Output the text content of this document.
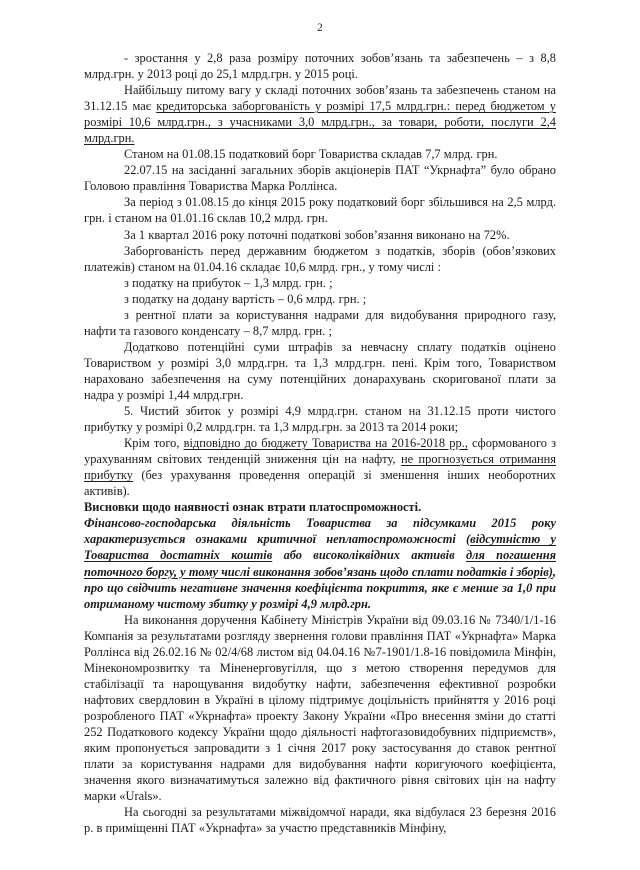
2

- зростання у 2,8 раза розміру поточних зобов’язань та забезпечень – з 8,8 млрд.грн. у 2013 році до 25,1 млрд.грн. у 2015 році.

Найбільшу питому вагу у складі поточних зобов’язань та забезпечень станом на 31.12.15 має кредиторська заборгованість у розмірі 17,5 млрд.грн.: перед бюджетом у розмірі 10,6 млрд.грн., з учасниками 3,0 млрд.грн., за товари, роботи, послуги 2,4 млрд.грн.

Станом на 01.08.15 податковий борг Товариства складав 7,7 млрд. грн.

22.07.15 на засіданні загальних зборів акціонерів ПАТ “Укрнафта” було обрано Головою правління Товариства Марка Роллінса.

За період з 01.08.15 до кінця 2015 року податковий борг збільшився на 2,5 млрд. грн. і станом на 01.01.16 склав 10,2 млрд. грн.

За 1 квартал 2016 року поточні податкові зобов’язання виконано на 72%.

Заборгованість перед державним бюджетом з податків, зборів (обов’язкових платежів) станом на 01.04.16 складає 10,6 млрд. грн., у тому числі :

з податку на прибуток – 1,3 млрд. грн. ;

з податку на додану вартість – 0,6 млрд. грн. ;

з рентної плати за користування надрами для видобування природного газу, нафти та газового конденсату – 8,7 млрд. грн. ;

Додатково потенційні суми штрафів за невчасну сплату податків оцінено Товариством у розмірі 3,0 млрд.грн. та 1,3 млрд.грн. пені. Крім того, Товариством нараховано забезпечення на суму потенційних донарахувань скоригованої плати за надра у розмірі 1,44 млрд.грн.

5. Чистий збиток у розмірі 4,9 млрд.грн. станом на 31.12.15 проти чистого прибутку у розмірі 0,2 млрд.грн. та 1,3 млрд.грн. за 2013 та 2014 роки;

Крім того, відповідно до бюджету Товариства на 2016-2018 рр., сформованого з урахуванням світових тенденцій зниження цін на нафту, не прогнозується отримання прибутку (без урахування проведення операцій зі зменшення інших необоротних активів).

Висновки щодо наявності ознак втрати платоспроможності.

Фінансово-господарська діяльність Товариства за підсумками 2015 року характеризується ознаками критичної неплатоспроможності (відсутністю у Товариства достатніх коштів або високоліквідних активів для погашення поточного боргу, у тому числі виконання зобов’язань щодо сплати податків і зборів), про що свідчить негативне значення коефіцієнта покриття, яке є менше за 1,0 при отриманому чистому збитку у розмірі 4,9 млрд.грн.

На виконання доручення Кабінету Міністрів України від 09.03.16 № 7340/1/1-16 Компанія за результатами розгляду звернення голови правління ПАТ «Укрнафта» Марка Роллінса від 26.02.16 № 02/4/68 листом від 04.04.16 №7-1901/1.8-16 повідомила Мінфін, Мінекономрозвитку та Міненерговугілля, що з метою створення передумов для стабілізації та нарощування видобутку нафти, забезпечення ефективної розробки нафтових свердловин в Україні в цілому підтримує доцільність прийняття у 2016 році розробленого ПАТ «Укрнафта» проекту Закону України «Про внесення зміни до статті 252 Податкового кодексу України щодо діяльності нафтогазовидобувних підприємств», яким пропонується запровадити з 1 січня 2017 року застосування до ставок рентної плати за користування надрами для видобування нафти коригуючого коефіцієнта, значення якого визначатимуться залежно від фактичного рівня світових цін на нафту марки «Urals».

На сьогодні за результатами міжвідомчої наради, яка відбулася 23 березня 2016 р. в приміщенні ПАТ «Укрнафта» за участю представників Мінфіну,
